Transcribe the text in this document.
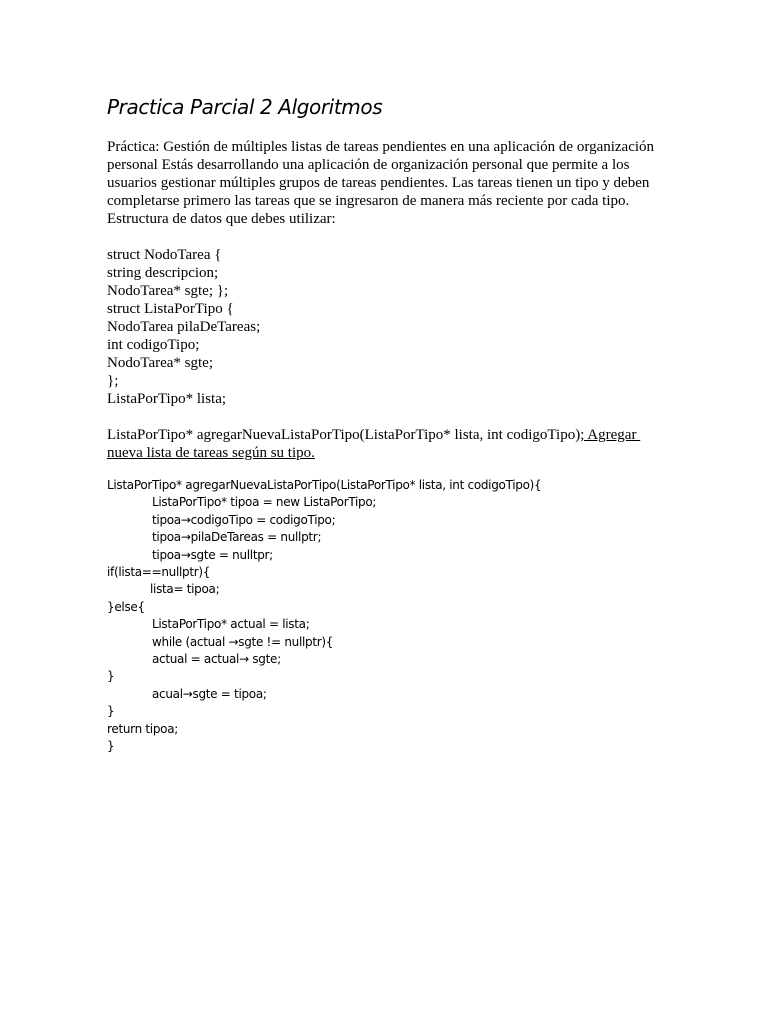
Practica Parcial 2 Algoritmos
Práctica: Gestión de múltiples listas de tareas pendientes en una aplicación de organización
personal Estás desarrollando una aplicación de organización personal que permite a los
usuarios gestionar múltiples grupos de tareas pendientes. Las tareas tienen un tipo y deben
completarse primero las tareas que se ingresaron de manera más reciente por cada tipo.
Estructura de datos que debes utilizar:
struct NodoTarea {
string descripcion;
NodoTarea* sgte; };
struct ListaPorTipo {
NodoTarea pilaDeTareas;
int codigoTipo;
NodoTarea* sgte;
};
ListaPorTipo* lista;
ListaPorTipo* agregarNuevaListaPorTipo(ListaPorTipo* lista, int codigoTipo); Agregar
nueva lista de tareas según su tipo.
ListaPorTipo* agregarNuevaListaPorTipo(ListaPorTipo* lista, int codigoTipo){
ListaPorTipo* tipoa = new ListaPorTipo;
tipoa→codigoTipo = codigoTipo;
tipoa→pilaDeTareas = nullptr;
tipoa→sgte = nulltpr;
if(lista==nullptr){
lista= tipoa;
}else{
ListaPorTipo* actual = lista;
while (actual →sgte != nullptr){
actual = actual→ sgte;
}
acual→sgte = tipoa;
}
return tipoa;
}
